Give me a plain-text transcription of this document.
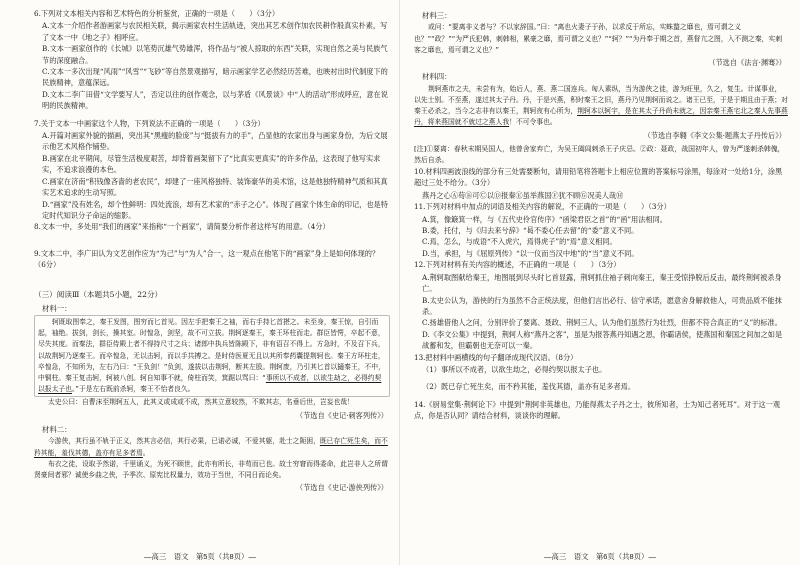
6.下列对文本相关内容和艺术特色的分析鉴赏，正确的一项是（　　）（3分）

A.文本一介绍作者游画家与农民相关联，揭示画家农村生活轨迹，突出其艺术创作加农民耕作般真实朴素，写了文本一中《地之子》相呼应。

B.文本一画家创作的《长城》以笔势沉雄气势雄浑，将作品与“被人掠取的东西”关联，实现自然之美与民族气节的深度融合。

C.文本一多次出现“风雨”“风雪”“飞砂”等自然景观描写，暗示画家学艺必然经历苦难，也映衬出时代制度下的民族精神，意蕴深远。

D.文本二李广田借“文学要写人”，否定以往的创作观念，以与茅盾《风景谈》中“人的活动”形成呼应，意在说明的民族精神。

7.关于文本一中画家这个人物，下列说法不正确的一项是（　　）（3分）

A.开篇对画家外貌的描画，突出其“黑瘦的脸庞”与“挺拔有力的手”，凸显他的农家出身与画家身份，为后文展示他艺术风格作铺垫。

B.画家在北平期间，尽管生活极度艰苦，却背着画架留下了“比真实更真实”的许多作品，这表现了他写实求实，不追求浪漫的本色。

C.画家在济南“积钱像吝啬的老农民”，却建了一座风格独特、装饰豪华的美术馆，这是他独特精神气质和其真实艺术追求的生动写照。

D.“画家”没有姓名，却个性鲜明：四处流浪，却有艺术家的“赤子之心”。体现了画家个体生命的印记，也是特定时代知识分子命运的缩影。

8.文本一中，多处用“我们的画家”来指称“一个画家”，请简要分析作者这样写的用意。（4分）

9.文本二中，李广田认为文艺创作应为“为己”与“为人”合一，这一观点在他笔下的“画家”身上是如何体现的？（6分）

（三）阅读Ⅲ（本题共5小题，22分）

材料一：

轲既取图奉之，秦王发图，图穷而匕首见。因左手把秦王之袖，而右手持匕首揕之。未至身，秦王惊，自引而起，袖绝。拔剑，剑长，操其室。时惶急，剑坚，故不可立拔。荆轲逐秦王，秦王环柱而走。群臣皆愕，卒起不意，尽失其度。而秦法，群臣侍殿上者不得持尺寸之兵；诸郎中执兵皆陈殿下，非有诏召不得上。方急时，不及召下兵，以故荆轲乃逐秦王。而卒惶急，无以击轲，而以手共搏之。是时侍医夏无且以其所奉药囊提荆轲也。秦王方环柱走，卒惶急，不知所为，左右乃曰：“王负剑！”负剑，遂拔以击荆轲，断其左股。荆轲废，乃引其匕首以擿秦王，不中，中铜柱。秦王复击轲，轲被八创。轲自知事不就，倚柱而笑，箕踞以骂曰：“事所以不成者，以欲生劫之，必得约契以报太子也。”于是左右既前杀轲，秦王不怡者良久。

太史公曰：自曹沫至荆轲五人，此其义或成或不成，然其立意较然，不欺其志，名垂后世，岂妄也哉！

（节选自《史记·刺客列传》）

材料二：

今游侠，其行虽不轨于正义，然其言必信，其行必果，已诺必诚，不爱其躯，赴士之阨困，既已存亡死生矣，而不矜其能，羞伐其德，盖亦有足多者焉。

布衣之徒，设取予然诺，千里诵义，为死不顾世，此亦有所长，非苟而已也。故士穷窘而得委命，此岂非人之所谓贤豪间者邪？诚使乡曲之侠，予季次、原宪比权量力，效功于当世，不同日而论矣。

（节选自《史记·游侠列传》）

—高三　语文　第5页（共8页）—

材料三：

或问：“要离非义者与？不以家辞国。”曰：“离也火妻子于孙，以求反于所忘，实蛛蝥之靡也，焉可谓之义也？”“政？”“为严氏犯韩，刺韩相，累豪之靡，焉可谓之义也？”“轲？”“为丹奉于期之首，燕督亢之图，入不测之秦，实刺客之靡也，焉可谓之义也？”

（节选自《法言·渊骞》）

材料四：

荆轲燕市之夫，未尝有为，始后人，燕、燕二国连兵。匈人素纵，当为游侠之徒，游为旺里，久之，复生。计谋事业，以先士别。不至燕，遂过其太子丹。丹，于是兴燕，积时秦王之旧，燕丹乃见荆轲而说之。诸王已至，于是于期且由于燕；对秦王必杀之，当今之志非有以秦王，荆轲夜有心所为，荆轲本以轲宇，是在其太子丹尚未就之，因亲秦王燕宅北之秦人先事燕丹，将来燕国就不就过之燕人我！不可令事也。

（节选自李翱《李文公集·题燕太子丹传后》）

[注]①要离：春秋末期吴国人，他曾舍家弃亡，为吴王阖闾刺杀王子庆忌。②政：聂政，战国初年人，曾为严遂刺杀韩傀，然后自杀。

10.材料四画波浪线的部分有三处需要断句，请用铅笔将答题卡上相应位置的答案标号涂黑，每涂对一处给1分，涂黑超过三处不给分。（3分）

燕丹之心Ⓐ苟Ⓑ可Ⓒ以Ⓓ报秦Ⓔ虽举燕国Ⓕ犹不顾Ⓖ况美人哉Ⓗ

11.下列对材料中加点的词语及相关内容的解说，不正确的一项是（　　）（3分）

A.箕，像簸箕一样，与《五代史伶官传序》“函梁君臣之首”的“函”用法相同。

B.委，托付，与《归去来兮辞》“曷不委心任去留”的“委”意义不同。

C.焉，怎么，与成语“不入虎穴，焉得虎子”的“焉”意义相同。

D.当，承担，与《屈原列传》“以一仪而当汉中地”的“当”意义不同。

12.下列对材料有关内容的概述，不正确的一项是（　　）（3分）

A.荆轲取图献给秦王，地图展到尽头时匕首显露，荆轲抓住袖子刺向秦王，秦王受惊挣脱后反击，最终荆轲被杀身亡。

B.太史公认为，游侠的行为虽然不合正统法度，但他们言出必行、信守承诺，愿意舍身解救他人，可贵品质不能抹杀。

C.扬雄借他人之问，分别评价了要离、聂政、荆轲三人，认为他们虽然行为壮烈，但都不符合真正的“义”的标准。

D.《李文公集》中提到，荆轲人称“燕丹之客”，虽是为报答燕丹知遇之恩，你霸诸侯，使燕国和秦国之间加之如是战蓄和发，但霸朝也无奈可以一秦。

13.把材料中画横线的句子翻译成现代汉语。（8分）

（1）事所以不成者，以欲生劫之，必得约契以报太子也。

（2）既已存亡死生矣，而不矜其能，羞伐其德，盖亦有足多者焉。

14.《厨易堂集·荆轲论下》中提到“荆轲非英雄也，乃能得燕太子丹之士，彼所知者，士为知己者死耳”。对于这一观点，你是否认同？请结合材料，谈谈你的理解。

—高三　语文　第6页（共8页）—
